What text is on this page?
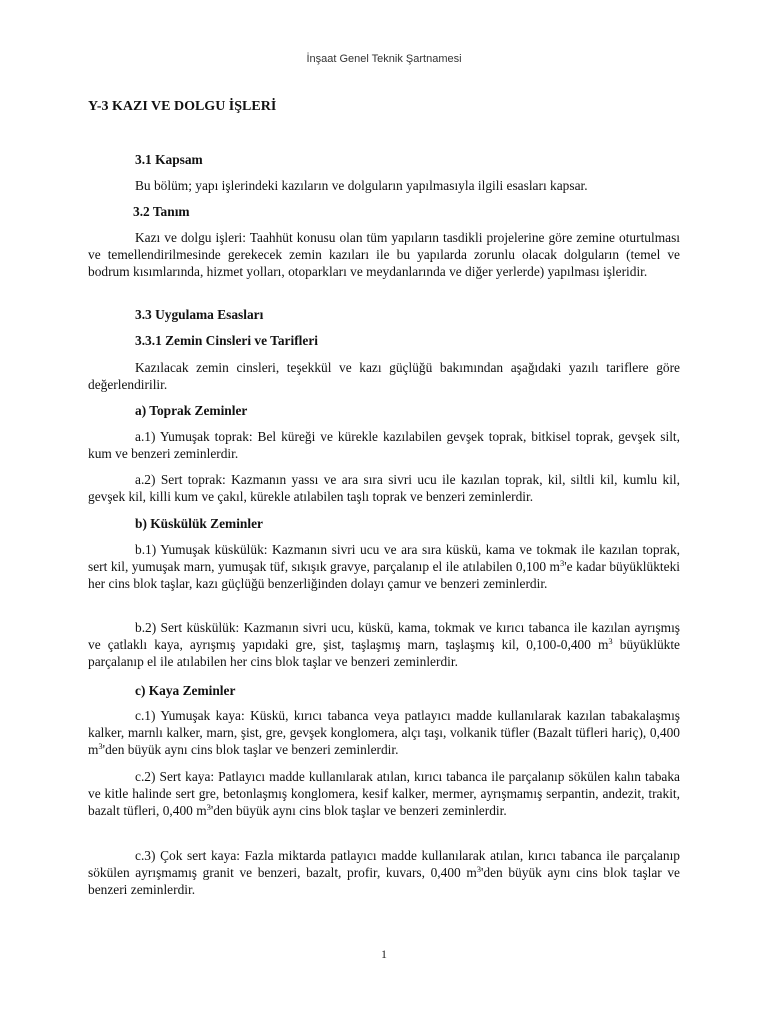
İnşaat Genel Teknik Şartnamesi
Y-3 KAZI VE DOLGU İŞLERİ
3.1 Kapsam
Bu bölüm; yapı işlerindeki kazıların ve dolguların yapılmasıyla ilgili esasları kapsar.
3.2 Tanım
Kazı ve dolgu işleri: Taahhüt konusu olan tüm yapıların tasdikli projelerine göre zemine oturtulması ve temellendirilmesinde gerekecek zemin kazıları ile bu yapılarda zorunlu olacak dolguların (temel ve bodrum kısımlarında, hizmet yolları, otoparkları ve meydanlarında ve diğer yerlerde) yapılması işleridir.
3.3 Uygulama Esasları
3.3.1 Zemin Cinsleri ve Tarifleri
Kazılacak zemin cinsleri, teşekkül ve kazı güçlüğü bakımından aşağıdaki yazılı tariflere göre değerlendirilir.
a) Toprak Zeminler
a.1) Yumuşak toprak: Bel küreği ve kürekle kazılabilen gevşek toprak, bitkisel toprak, gevşek silt, kum ve benzeri zeminlerdir.
a.2) Sert toprak: Kazmanın yassı ve ara sıra sivri ucu ile kazılan toprak, kil, siltli kil, kumlu kil, gevşek kil, killi kum ve çakıl, kürekle atılabilen taşlı toprak ve benzeri zeminlerdir.
b) Küskülük Zeminler
b.1) Yumuşak küskülük: Kazmanın sivri ucu ve ara sıra küskü, kama ve tokmak ile kazılan toprak, sert kil, yumuşak marn, yumuşak tüf, sıkışık gravye, parçalanıp el ile atılabilen 0,100 $m^3'e$ kadar büyüklükteki her cins blok taşlar, kazı güçlüğü benzerliğinden dolayı çamur ve benzeri zeminlerdir.
b.2) Sert küskülük: Kazmanın sivri ucu, küskü, kama, tokmak ve kırıcı tabanca ile kazılan ayrışmış ve çatlaklı kaya, ayrışmış yapıdaki gre, şist, taşlaşmış marn, taşlaşmış kil, 0,100-0,400 $m^3$ büyüklükte parçalanıp el ile atılabilen her cins blok taşlar ve benzeri zeminlerdir.
c) Kaya Zeminler
c.1) Yumuşak kaya: Küskü, kırıcı tabanca veya patlayıcı madde kullanılarak kazılan tabakalaşmış kalker, marnlı kalker, marn, şist, gre, gevşek konglomera, alçı taşı, volkanik tüfler (Bazalt tüfleri hariç), 0,400 $m^3'den$ büyük aynı cins blok taşlar ve benzeri zeminlerdir.
c.2) Sert kaya: Patlayıcı madde kullanılarak atılan, kırıcı tabanca ile parçalanıp sökülen kalın tabaka ve kitle halinde sert gre, betonlaşmış konglomera, kesif kalker, mermer, ayrışmamış serpantin, andezit, trakit, bazalt tüfleri, 0,400 $m^3'den$ büyük aynı cins blok taşlar ve benzeri zeminlerdir.
c.3) Çok sert kaya: Fazla miktarda patlayıcı madde kullanılarak atılan, kırıcı tabanca ile parçalanıp sökülen ayrışmamış granit ve benzeri, bazalt, profir, kuvars, 0,400 $m^3'den$ büyük aynı cins blok taşlar ve benzeri zeminlerdir.
1
